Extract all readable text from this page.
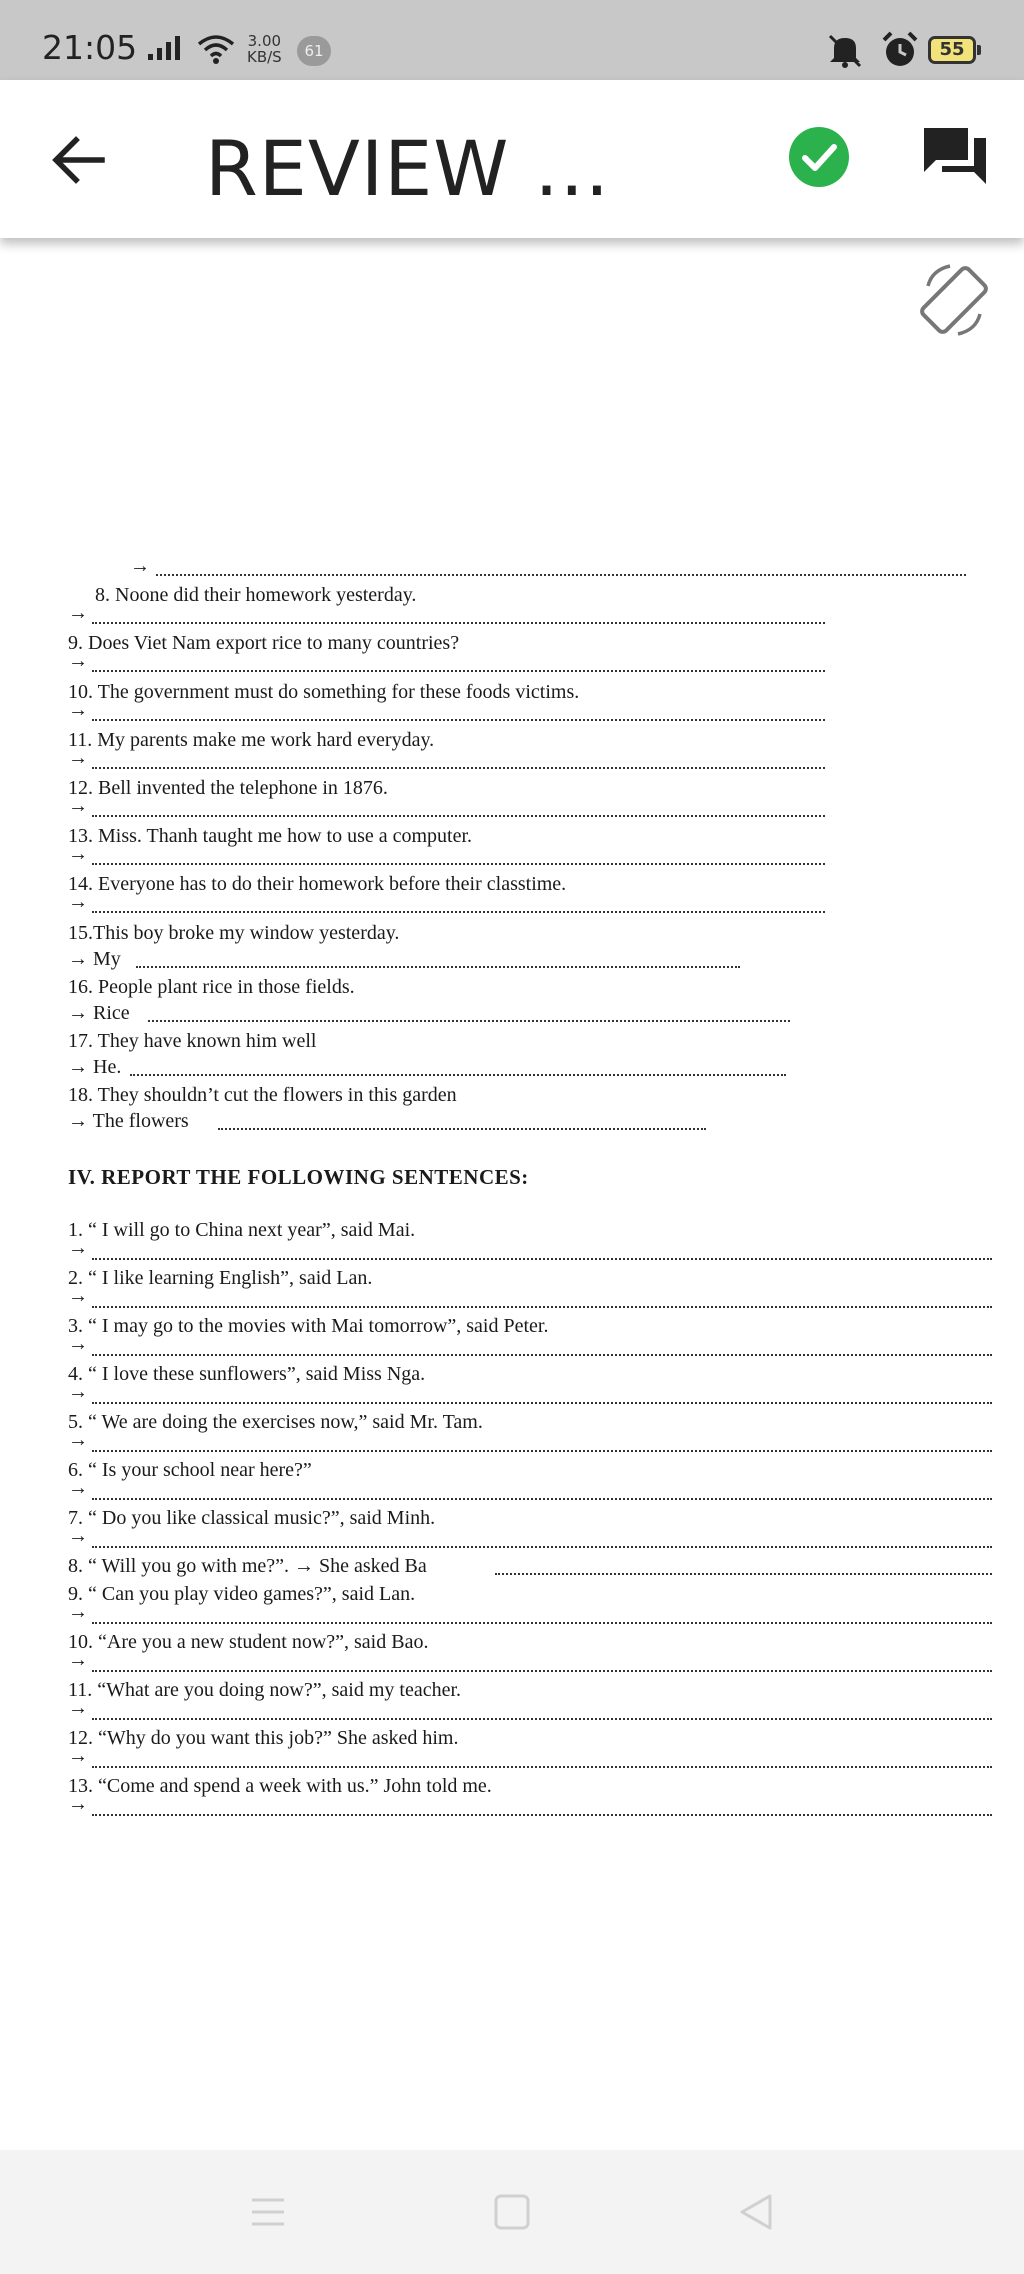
21:05	3.00
KB/S	61	55
REVIEW ...
→
8. Noone did their homework yesterday.
→
9. Does Viet Nam export rice to many countries?
→
10. The government must do something for these foods victims.
→
11. My parents make me work hard everyday.
→
12. Bell invented the telephone in 1876.
→
13. Miss. Thanh taught me how to use a computer.
→
14. Everyone has to do their homework before their classtime.
→
15.This boy broke my window yesterday.
→ My
16. People plant rice in those fields.
→ Rice
17. They have known him well
→ He.
18. They shouldn’t cut the flowers in this garden
→ The flowers
IV. REPORT THE FOLLOWING SENTENCES:
1. “ I will go to China next year”, said Mai.
→
2. “ I like learning English”, said Lan.
→
3. “ I may go to the movies with Mai tomorrow”, said Peter.
→
4. “ I love these sunflowers”, said Miss Nga.
→
5. “ We are doing the exercises now,” said Mr. Tam.
→
6. “ Is your school near here?”
→
7. “ Do you like classical music?”, said Minh.
→
8. “ Will you go with me?”. → She asked Ba
9. “ Can you play video games?”, said Lan.
→
10. “Are you a new student now?”, said Bao.
→
11. “What are you doing now?”, said my teacher.
→
12. “Why do you want this job?” She asked him.
→
13. “Come and spend a week with us.” John told me.
→
